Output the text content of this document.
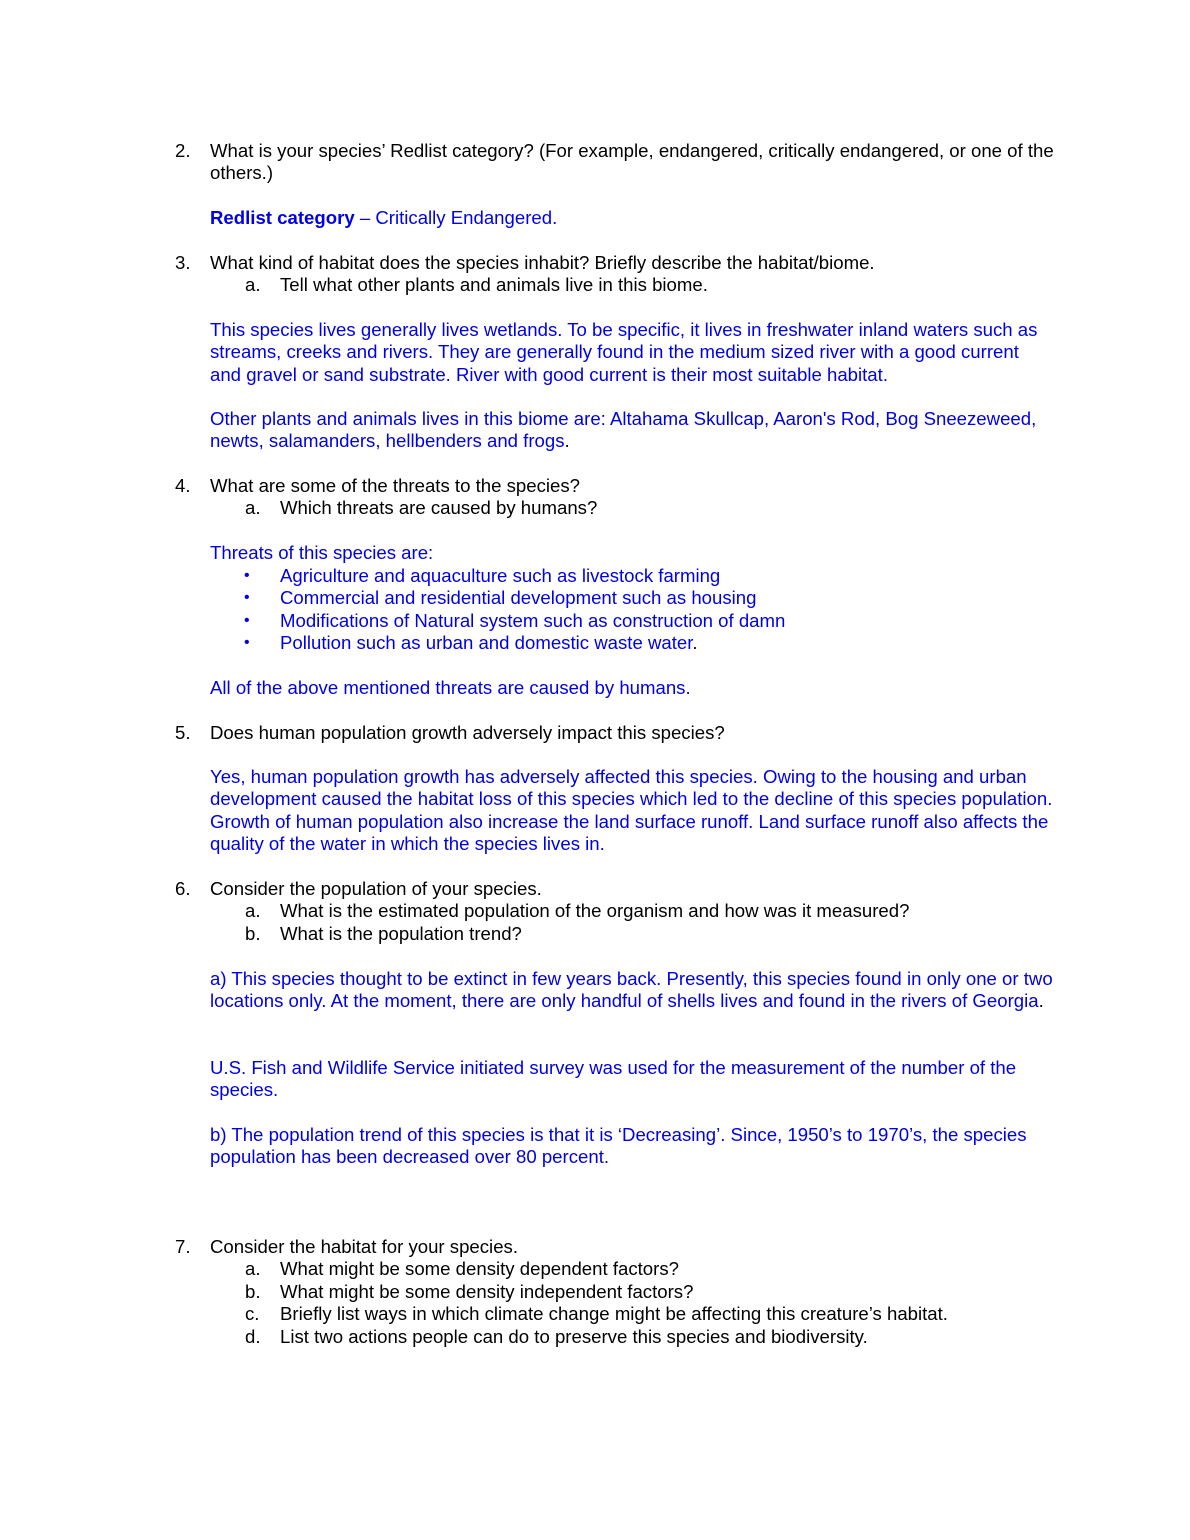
2. What is your species’ Redlist category? (For example, endangered, critically endangered, or one of the others.)
Redlist category – Critically Endangered.
3. What kind of habitat does the species inhabit? Briefly describe the habitat/biome.
a. Tell what other plants and animals live in this biome.
This species lives generally lives wetlands. To be specific, it lives in freshwater inland waters such as streams, creeks and rivers. They are generally found in the medium sized river with a good current and gravel or sand substrate. River with good current is their most suitable habitat.
Other plants and animals lives in this biome are: Altahama Skullcap, Aaron's Rod, Bog Sneezeweed, newts, salamanders, hellbenders and frogs.
4. What are some of the threats to the species?
a. Which threats are caused by humans?
Threats of this species are:
• Agriculture and aquaculture such as livestock farming
• Commercial and residential development such as housing
• Modifications of Natural system such as construction of damn
• Pollution such as urban and domestic waste water.
All of the above mentioned threats are caused by humans.
5. Does human population growth adversely impact this species?
Yes, human population growth has adversely affected this species. Owing to the housing and urban development caused the habitat loss of this species which led to the decline of this species population. Growth of human population also increase the land surface runoff. Land surface runoff also affects the quality of the water in which the species lives in.
6. Consider the population of your species.
a. What is the estimated population of the organism and how was it measured?
b. What is the population trend?
a) This species thought to be extinct in few years back. Presently, this species found in only one or two locations only. At the moment, there are only handful of shells lives and found in the rivers of Georgia.
U.S. Fish and Wildlife Service initiated survey was used for the measurement of the number of the species.
b) The population trend of this species is that it is ‘Decreasing’. Since, 1950’s to 1970’s, the species population has been decreased over 80 percent.
7. Consider the habitat for your species.
a. What might be some density dependent factors?
b. What might be some density independent factors?
c. Briefly list ways in which climate change might be affecting this creature’s habitat.
d. List two actions people can do to preserve this species and biodiversity.
